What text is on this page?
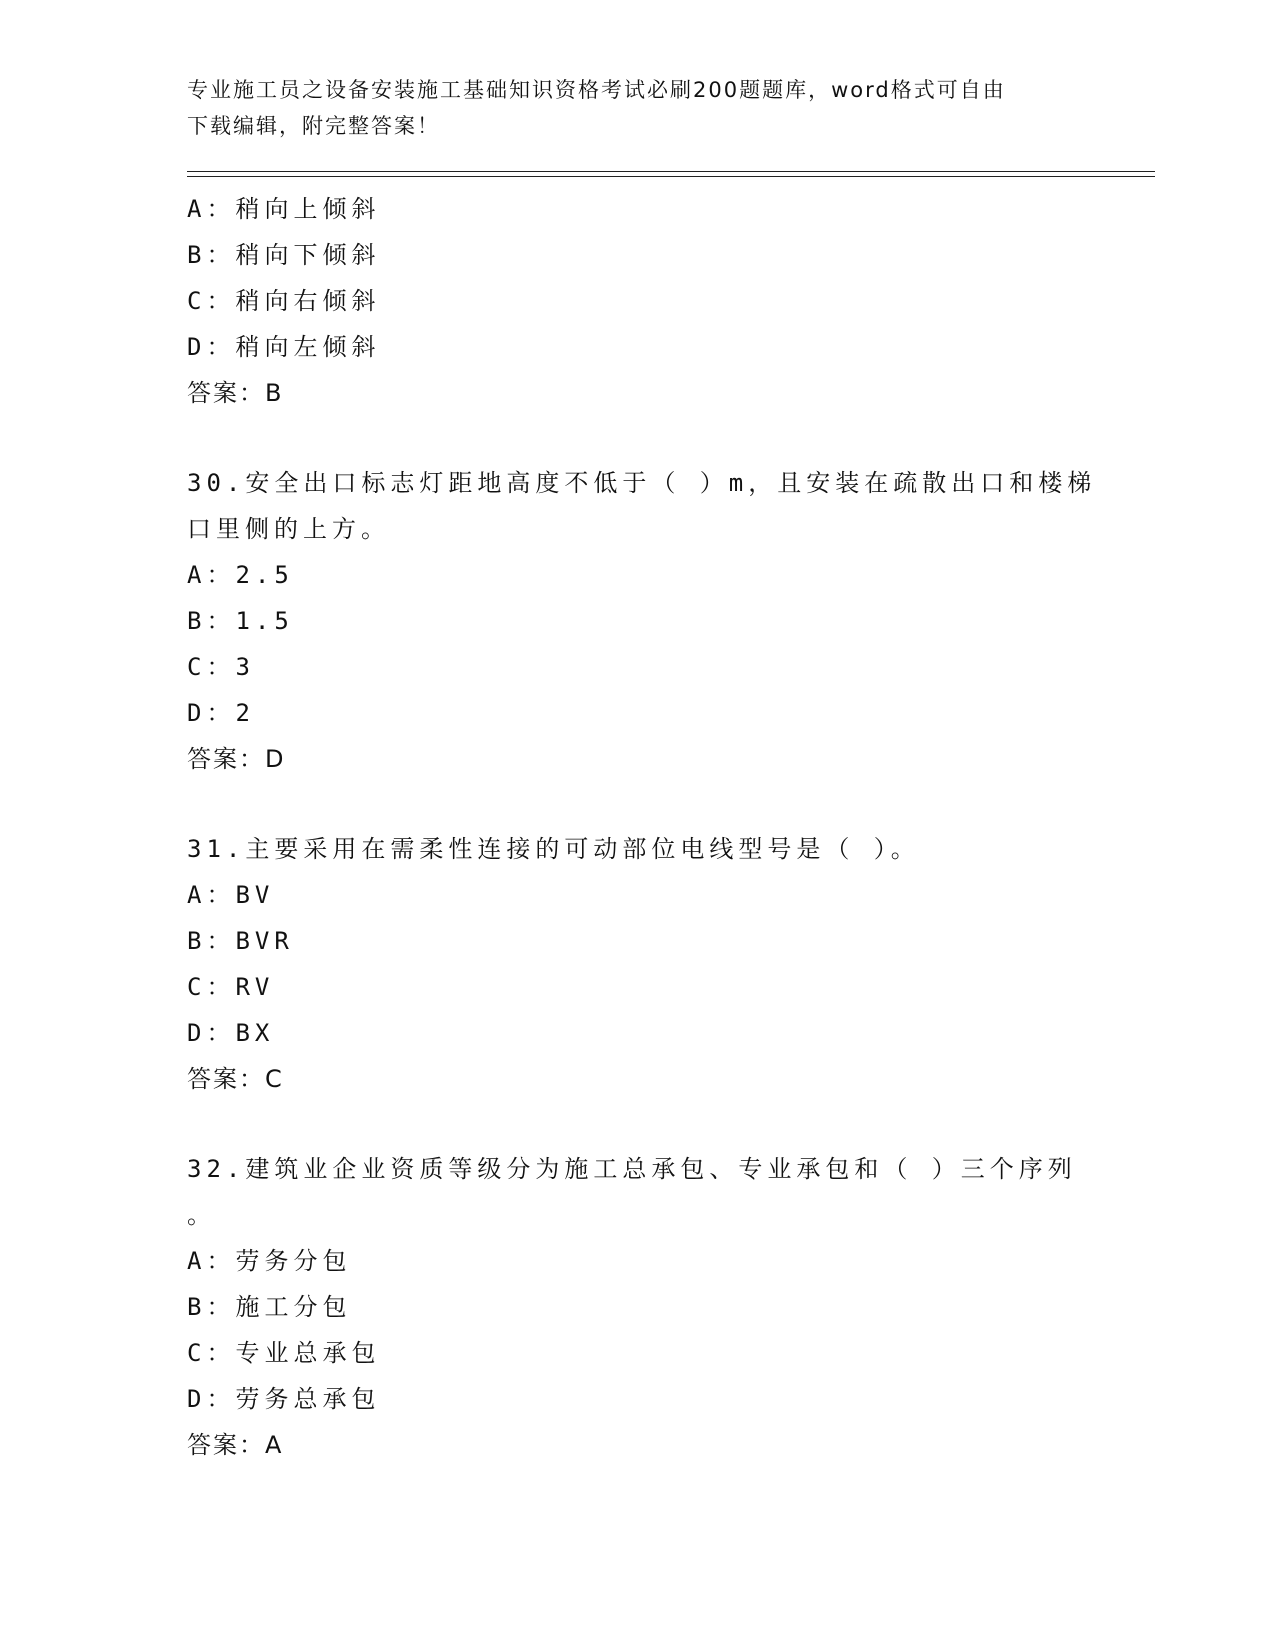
专业施工员之设备安装施工基础知识资格考试必刷200题题库，word格式可自由
下载编辑，附完整答案！
A：稍向上倾斜
B：稍向下倾斜
C：稍向右倾斜
D：稍向左倾斜
答案：B
30.安全出口标志灯距地高度不低于（ ）m，且安装在疏散出口和楼梯
口里侧的上方。
A：2.5
B：1.5
C：3
D：2
答案：D
31.主要采用在需柔性连接的可动部位电线型号是（ ）。
A：BV
B：BVR
C：RV
D：BX
答案：C
32.建筑业企业资质等级分为施工总承包、专业承包和（ ）三个序列
。
A：劳务分包
B：施工分包
C：专业总承包
D：劳务总承包
答案：A
